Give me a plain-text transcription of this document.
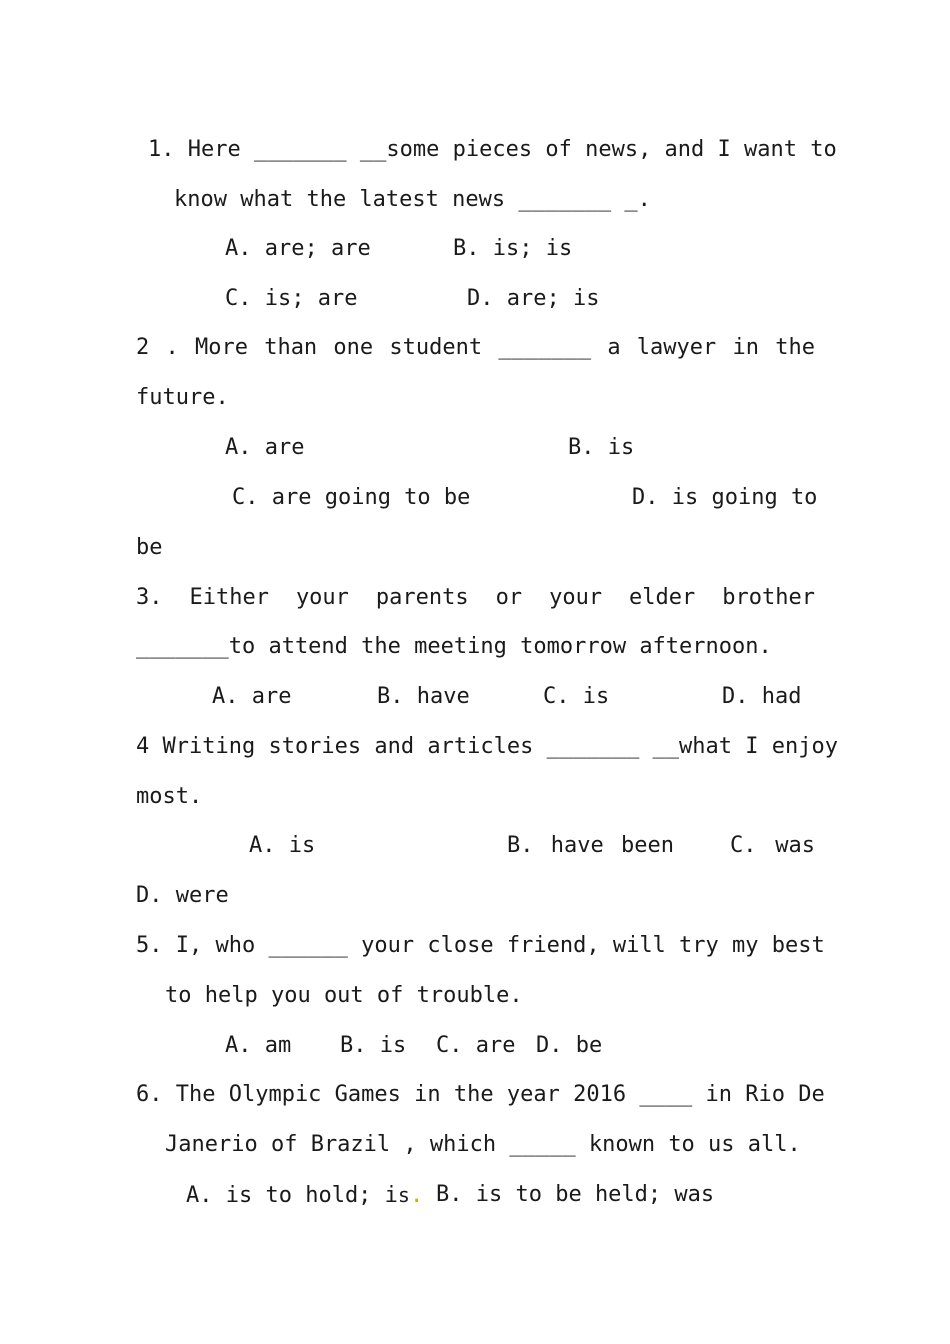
1. Here _______ __some pieces of news, and I want to
know what the latest news _______ _.
A. are; are	B. is; is
C. is; are	D. are; is
2 . More than one student _______ a lawyer in the
future.
A. are	B. is
C. are going to be	D. is going to
be
3. Either your parents or your elder brother
_______to attend the meeting tomorrow afternoon.
A. are	B. have	C. is	D. had
4 Writing stories and articles _______ __what I enjoy
most.
A. is	B. have been	C. was
D. were
5. I, who ______ your close friend, will try my best
to help you out of trouble.
A. am B. is C. are D. be
6. The Olympic Games in the year 2016 ____ in Rio De
Janerio of Brazil , which _____ known to us all.
A. is to hold; is. B. is to be held; was
